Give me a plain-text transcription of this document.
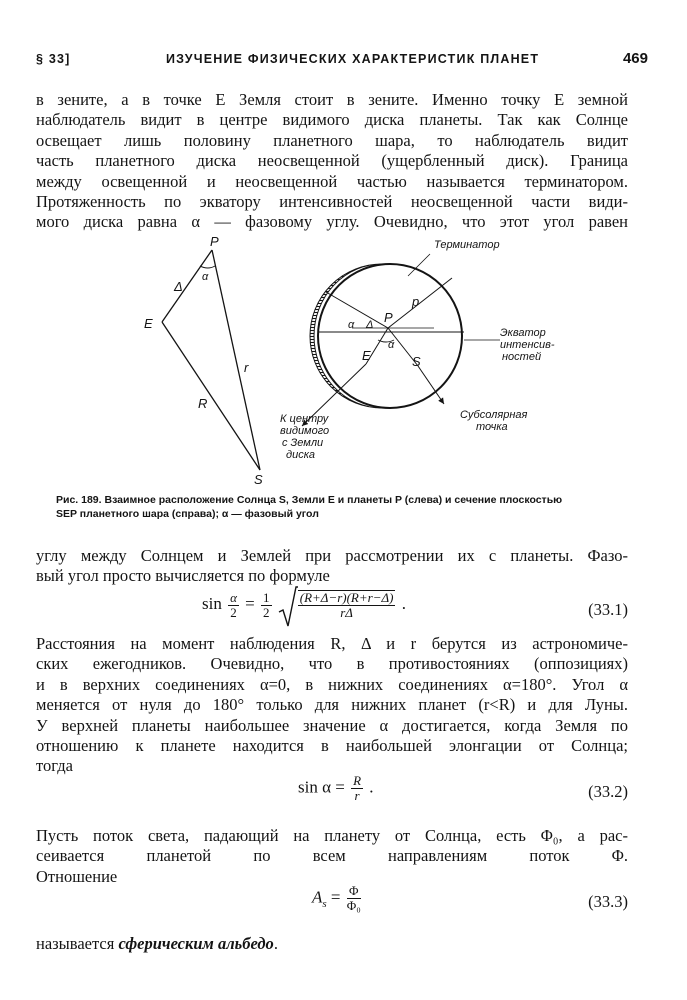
§ 33]	ИЗУЧЕНИЕ ФИЗИЧЕСКИХ ХАРАКТЕРИСТИК ПЛАНЕТ	469
в зените, а в точке E Земля стоит в зените. Именно точку E земной
наблюдатель видит в центре видимого диска планеты. Так как Солнце
освещает лишь половину планетного шара, то наблюдатель видит
часть планетного диска неосвещенной (ущербленный диск). Граница
между освещенной и неосвещенной частью называется терминатором.
Протяженность по экватору интенсивностей неосвещенной части види-
мого диска равна α — фазовому углу. Очевидно, что этот угол равен
P
α
Δ
E
r
R
S
Терминатор
p
P
α Δ
α
E	S
Экватор
интенсив-
ностей
Субсолярная
точка
К центру
видимого
с Земли
диска
Рис. 189. Взаимное расположение Солнца S, Земли E и планеты P (слева) и сечение плоскостью
SEP планетного шара (справа); α — фазовый угол
углу между Солнцем и Землей при рассмотрении их с планеты. Фазо-
вый угол просто вычисляется по формуле
$\sin \frac{\alpha}{2} = \frac{1}{2}$
$\frac{(R+\Delta-r)(R+r-\Delta)}{r\Delta}$ .	(33.1)
Расстояния на момент наблюдения R, Δ и r берутся из астрономиче-
ских ежегодников. Очевидно, что в противостояниях (оппозициях)
и в верхних соединениях α=0, в нижних соединениях α=180°. Угол α
меняется от нуля до 180° только для нижних планет (r<R) и для Луны.
У верхней планеты наибольшее значение α достигается, когда Земля по
отношению к планете находится в наибольшей элонгации от Солнца;
тогда
$\sin \alpha = \frac{R}{r}$ .	(33.2)
Пусть поток света, падающий на планету от Солнца, есть Φ₀, а рас-
сеивается планетой по всем направлениям поток Φ.
Отношение
$A_s = \frac{\Phi}{\text{Φ₀}}$	(33.3)
называется сферическим альбедо.
